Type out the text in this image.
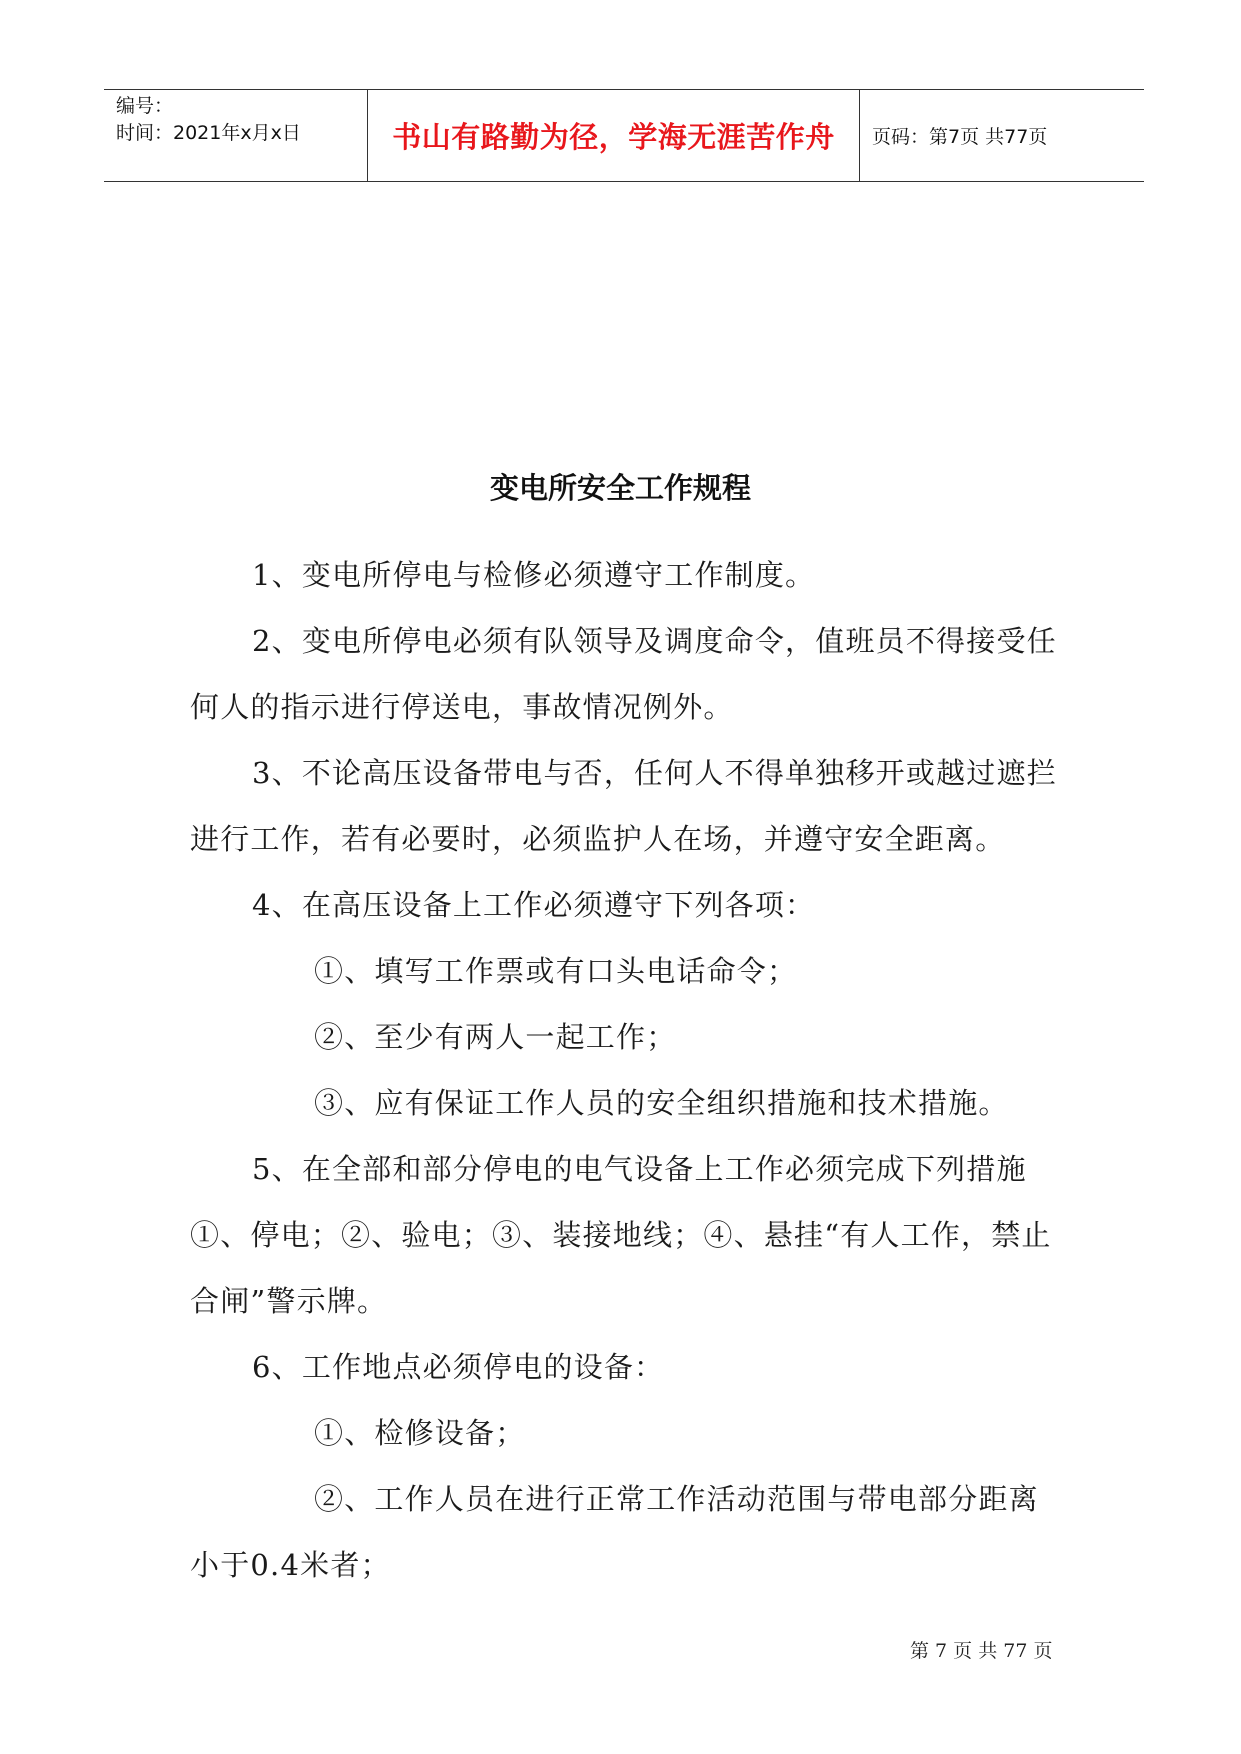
编号：
时间：2021年x月x日	书山有路勤为径，学海无涯苦作舟	页码：第7页 共77页
变电所安全工作规程

1、变电所停电与检修必须遵守工作制度。

2、变电所停电必须有队领导及调度命令，值班员不得接受任何人的指示进行停送电，事故情况例外。

3、不论高压设备带电与否，任何人不得单独移开或越过遮拦进行工作，若有必要时，必须监护人在场，并遵守安全距离。

4、在高压设备上工作必须遵守下列各项：

①、填写工作票或有口头电话命令；

②、至少有两人一起工作；

③、应有保证工作人员的安全组织措施和技术措施。

5、在全部和部分停电的电气设备上工作必须完成下列措施①、停电；②、验电；③、装接地线；④、悬挂“有人工作，禁止合闸”警示牌。

6、工作地点必须停电的设备：

①、检修设备；

②、工作人员在进行正常工作活动范围与带电部分距离小于0.4米者；

第 7 页 共 77 页
